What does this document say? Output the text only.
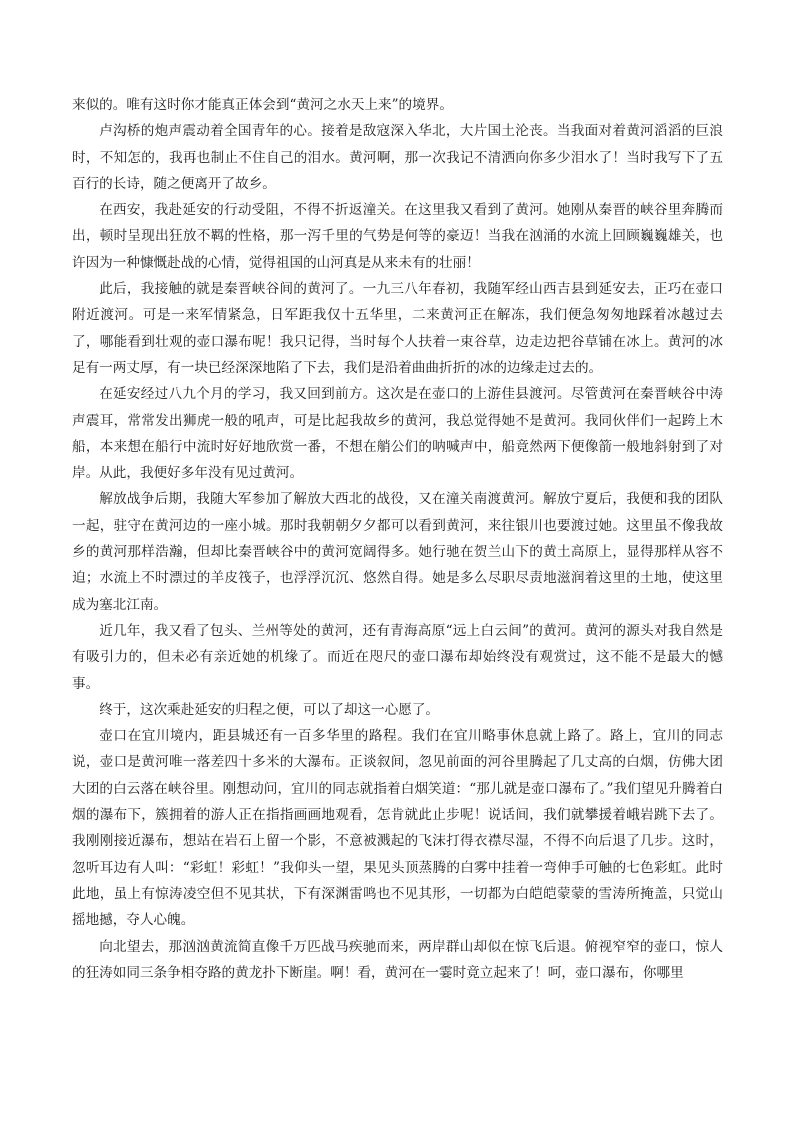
来似的。唯有这时你才能真正体会到“黄河之水天上来”的境界。

卢沟桥的炮声震动着全国青年的心。接着是敌寇深入华北，大片国土沦丧。当我面对着黄河滔滔的巨浪时，不知怎的，我再也制止不住自己的泪水。黄河啊，那一次我记不清洒向你多少泪水了！当时我写下了五百行的长诗，随之便离开了故乡。

在西安，我赴延安的行动受阻，不得不折返潼关。在这里我又看到了黄河。她刚从秦晋的峡谷里奔腾而出，顿时呈现出狂放不羁的性格，那一泻千里的气势是何等的豪迈！当我在汹涌的水流上回顾巍巍雄关，也许因为一种慷慨赴战的心情，觉得祖国的山河真是从来未有的壮丽！

此后，我接触的就是秦晋峡谷间的黄河了。一九三八年春初，我随军经山西吉县到延安去，正巧在壶口附近渡河。可是一来军情紧急，日军距我仅十五华里，二来黄河正在解冻，我们便急匆匆地踩着冰越过去了，哪能看到壮观的壶口瀑布呢！我只记得，当时每个人扶着一束谷草，边走边把谷草铺在冰上。黄河的冰足有一两丈厚，有一块已经深深地陷了下去，我们是沿着曲曲折折的冰的边缘走过去的。

在延安经过八九个月的学习，我又回到前方。这次是在壶口的上游佳县渡河。尽管黄河在秦晋峡谷中涛声震耳，常常发出狮虎一般的吼声，可是比起我故乡的黄河，我总觉得她不是黄河。我同伙伴们一起跨上木船，本来想在船行中流时好好地欣赏一番，不想在艄公们的呐喊声中，船竟然两下便像箭一般地斜射到了对岸。从此，我便好多年没有见过黄河。

解放战争后期，我随大军参加了解放大西北的战役，又在潼关南渡黄河。解放宁夏后，我便和我的团队一起，驻守在黄河边的一座小城。那时我朝朝夕夕都可以看到黄河，来往银川也要渡过她。这里虽不像我故乡的黄河那样浩瀚，但却比秦晋峡谷中的黄河宽阔得多。她行驰在贺兰山下的黄土高原上，显得那样从容不迫；水流上不时漂过的羊皮筏子，也浮浮沉沉、悠然自得。她是多么尽职尽责地滋润着这里的土地，使这里成为塞北江南。

近几年，我又看了包头、兰州等处的黄河，还有青海高原“远上白云间”的黄河。黄河的源头对我自然是有吸引力的，但未必有亲近她的机缘了。而近在咫尺的壶口瀑布却始终没有观赏过，这不能不是最大的憾事。

终于，这次乘赴延安的归程之便，可以了却这一心愿了。

壶口在宜川境内，距县城还有一百多华里的路程。我们在宜川略事休息就上路了。路上，宜川的同志说，壶口是黄河唯一落差四十多米的大瀑布。正谈叙间，忽见前面的河谷里腾起了几丈高的白烟，仿佛大团大团的白云落在峡谷里。刚想动问，宜川的同志就指着白烟笑道：“那儿就是壶口瀑布了。”我们望见升腾着白烟的瀑布下，簇拥着的游人正在指指画画地观看，怎肯就此止步呢！说话间，我们就攀援着峨岩跳下去了。我刚刚接近瀑布，想站在岩石上留一个影，不意被溅起的飞沫打得衣襟尽湿，不得不向后退了几步。这时，忽听耳边有人叫：“彩虹！彩虹！”我仰头一望，果见头顶蒸腾的白雾中挂着一弯伸手可触的七色彩虹。此时此地，虽上有惊涛凌空但不见其状，下有深渊雷鸣也不见其形，一切都为白皑皑蒙蒙的雪涛所掩盖，只觉山摇地撼，夺人心魄。

向北望去，那汹汹黄流简直像千万匹战马疾驰而来，两岸群山却似在惊飞后退。俯视窄窄的壶口，惊人的狂涛如同三条争相夺路的黄龙扑下断崖。啊！看，黄河在一霎时竟立起来了！呵，壶口瀑布，你哪里
